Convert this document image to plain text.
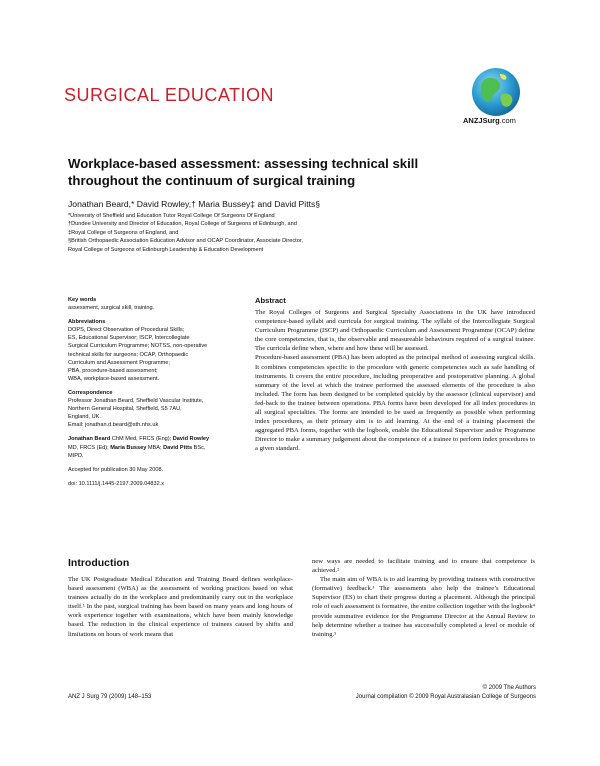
SURGICAL EDUCATION
ANZJSurg.com
Workplace-based assessment: assessing technical skill throughout the continuum of surgical training
Jonathan Beard,* David Rowley,† Maria Bussey‡ and David Pitts§
*University of Sheffield and Education Tutor Royal College Of Surgeons Of England
†Dundee University and Director of Education, Royal College of Surgeons of Edinburgh, and
‡Royal College of Surgeons of England, and
§British Orthopaedic Association Education Advisor and OCAP Coordinator, Associate Director,
Royal College of Surgeons of Edinburgh Leadership & Education Development
Key words
assessment, surgical skill, training.
Abbreviations
DOPS, Direct Observation of Procedural Skills;
ES, Educational Supervisor; ISCP, Intercollegiate
Surgical Curriculum Programme; NOTSS, non-operative
technical skills for surgeons; OCAP, Orthopaedic
Curriculum and Assessment Programme;
PBA, procedure-based assessment;
WBA, workplace-based assessment.
Correspondence
Professor Jonathan Beard, Sheffield Vascular Institute,
Northern General Hospital, Sheffield, S5 7AU,
England, UK.
Email: jonathan.d.beard@sth.nhs.uk
Jonathan Beard ChM Med, FRCS (Eng); David Rowley
MD, FRCS (Ed); Maria Bussey MBA; David Pitts BSc,
MIPD.
Accepted for publication 30 May 2008.
doi: 10.1111/j.1445-2197.2009.04832.x
Abstract
The Royal Colleges of Surgeons and Surgical Specialty Associations in the UK have introduced competence-based syllabi and curricula for surgical training. The syllabi of the Intercollegiate Surgical Curriculum Programme (ISCP) and Orthopaedic Curriculum and Assessment Programme (OCAP) define the core competencies, that is, the observable and measureable behaviours required of a surgical trainee. The curricula define when, where and how these will be assessed.
Procedure-based assessment (PBA) has been adopted as the principal method of assessing surgical skills. It combines competencies specific to the procedure with generic competencies such as safe handling of instruments. It covers the entire procedure, including preoperative and postoperative planning. A global summary of the level at which the trainee performed the assessed elements of the procedure is also included. The form has been designed to be completed quickly by the assessor (clinical supervisor) and fed-back to the trainee between operations. PBA forms have been developed for all index procedures in all surgical specialties. The forms are intended to be used as frequently as possible when performing index procedures, as their primary aim is to aid learning. At the end of a training placement the aggregated PBA forms, together with the logbook, enable the Educational Supervisor and/or Programme Director to make a summary judgement about the competence of a trainee to perform index procedures to a given standard.
Introduction
The UK Postgraduate Medical Education and Training Board defines workplace-based assessment (WBA) as the assessment of working practices based on what trainees actually do in the workplace and predominantly carry out in the workplace itself.¹ In the past, surgical training has been based on many years and long hours of work experience together with examinations, which have been mainly knowledge based. The reduction in the clinical experience of trainees caused by shifts and limitations on hours of work means that
new ways are needed to facilitate training and to ensure that competence is achieved.²
The main aim of WBA is to aid learning by providing trainees with constructive (formative) feedback.³ The assessments also help the trainee’s Educational Supervisor (ES) to chart their progress during a placement. Although the principal role of each assessment is formative, the entire collection together with the logbook⁴ provide summative evidence for the Programme Director at the Annual Review to help determine whether a trainee has successfully completed a level or module of training.⁵
ANZ J Surg 79 (2009) 148–153
© 2009 The Authors
Journal compilation © 2009 Royal Australasian College of Surgeons
